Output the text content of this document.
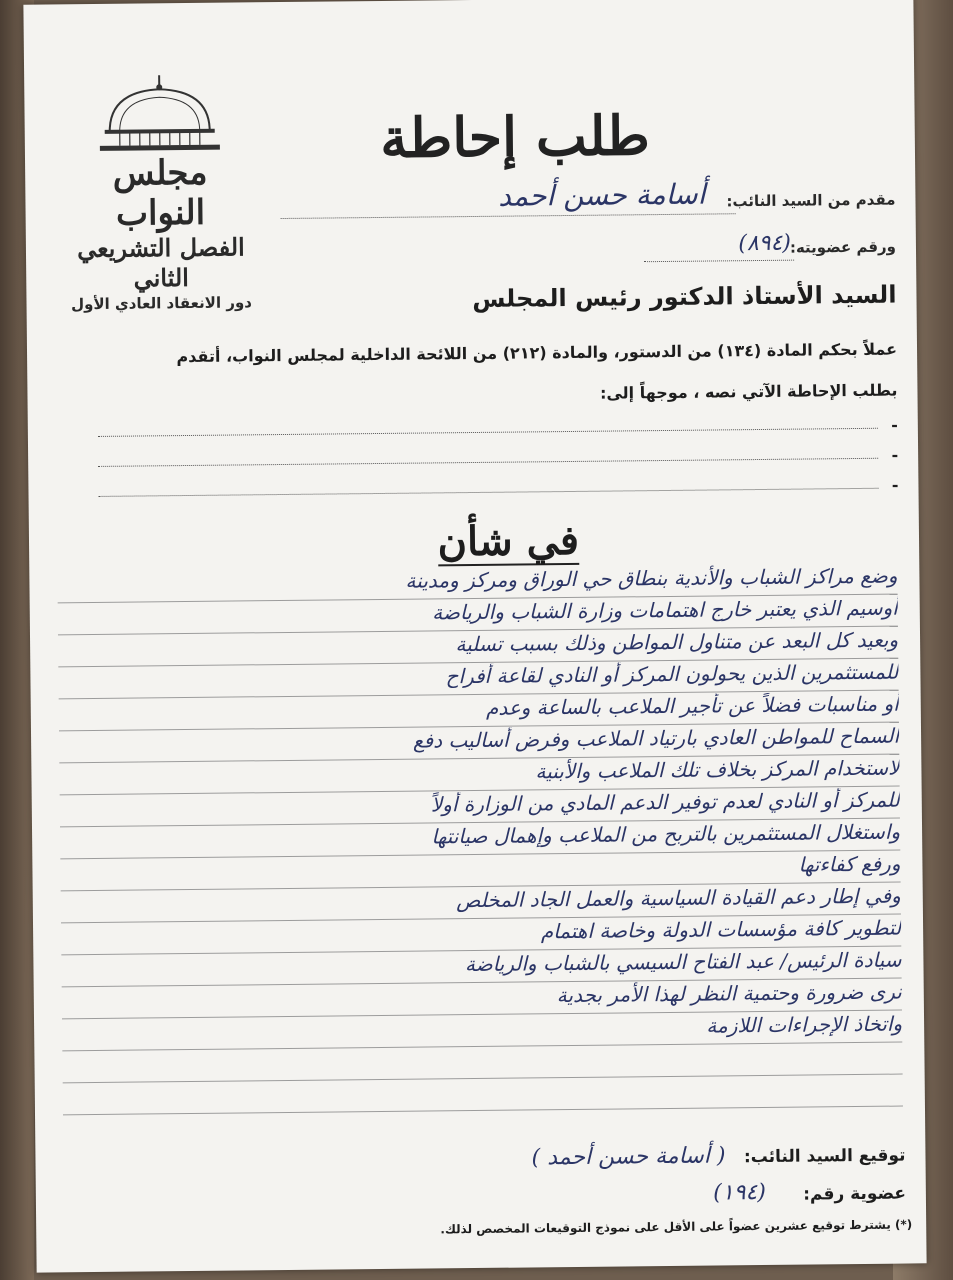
مجلس النواب
الفصل التشريعي الثاني
دور الانعقاد العادي الأول
طلب إحاطة
مقدم من السيد النائب:
أسامة حسن أحمد
ورقم عضويته:
(٨٩٤)
السيد الأستاذ الدكتور رئيس المجلس
عملاً بحكم المادة (١٣٤) من الدستور، والمادة (٢١٢) من اللائحة الداخلية لمجلس النواب، أتقدم
بطلب الإحاطة الآتي نصه ، موجهاً إلى:
-
-
-
في شأن
وضع مراكز الشباب والأندية بنطاق حي الوراق ومركز ومدينة
أوسيم الذي يعتبر خارج اهتمامات وزارة الشباب والرياضة
وبعيد كل البعد عن متناول المواطن وذلك بسبب تسلية
للمستثمرين الذين يحولون المركز أو النادي لقاعة أفراح
أو مناسبات فضلاً عن تأجير الملاعب بالساعة وعدم
السماح للمواطن العادي بارتياد الملاعب وفرض أساليب دفع
لاستخدام المركز بخلاف تلك الملاعب والأبنية
للمركز أو النادي لعدم توفير الدعم المادي من الوزارة أولاً
واستغلال المستثمرين بالتربح من الملاعب وإهمال صيانتها
ورفع كفاءتها
وفي إطار دعم القيادة السياسية والعمل الجاد المخلص
لتطوير كافة مؤسسات الدولة وخاصة اهتمام
سيادة الرئيس/ عبد الفتاح السيسي بالشباب والرياضة
نرى ضرورة وحتمية النظر لهذا الأمر بجدية
واتخاذ الإجراءات اللازمة
توقيع السيد النائب:
( أسامة حسن أحمد )
عضوية رقم:
(١٩٤)
(*) يشترط توقيع عشرين عضواً على الأقل على نموذج التوقيعات المخصص لذلك.
